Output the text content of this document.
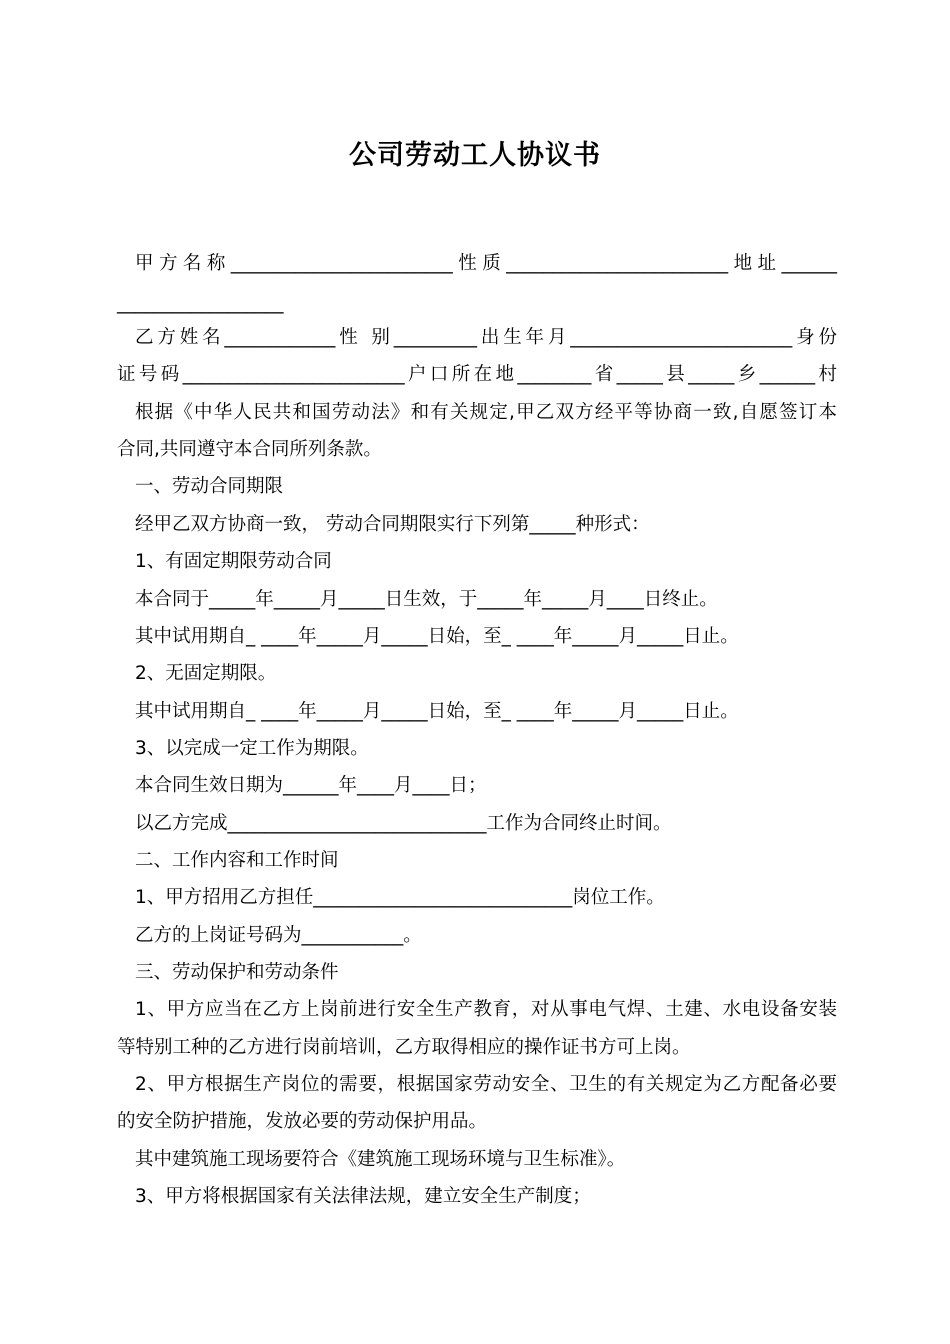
公司劳动工人协议书

甲方名称________________________性质________________________地址______

__________________

乙方姓名____________性 别_________出生年月________________________身份

证号码________________________户口所在地________省_____县_____乡______村

根据《中华人民共和国劳动法》和有关规定,甲乙双方经平等协商一致,自愿签订本

合同,共同遵守本合同所列条款。

一、劳动合同期限

经甲乙双方协商一致， 劳动合同期限实行下列第_____种形式：

1、有固定期限劳动合同

本合同于_____年_____月_____日生效，于_____年_____月____日终止。

其中试用期自_ ____年_____月_____日始，至_ ____年_____月_____日止。

2、无固定期限。

其中试用期自_ ____年_____月_____日始，至_ ____年_____月_____日止。

3、以完成一定工作为期限。

本合同生效日期为______年____月____日；

以乙方完成____________________________工作为合同终止时间。

二、工作内容和工作时间

1、甲方招用乙方担任____________________________岗位工作。

乙方的上岗证号码为___________。

三、劳动保护和劳动条件

1、甲方应当在乙方上岗前进行安全生产教育，对从事电气焊、土建、水电设备安装

等特别工种的乙方进行岗前培训，乙方取得相应的操作证书方可上岗。

2、甲方根据生产岗位的需要，根据国家劳动安全、卫生的有关规定为乙方配备必要

的安全防护措施，发放必要的劳动保护用品。

其中建筑施工现场要符合《建筑施工现场环境与卫生标准》。

3、甲方将根据国家有关法律法规，建立安全生产制度；
